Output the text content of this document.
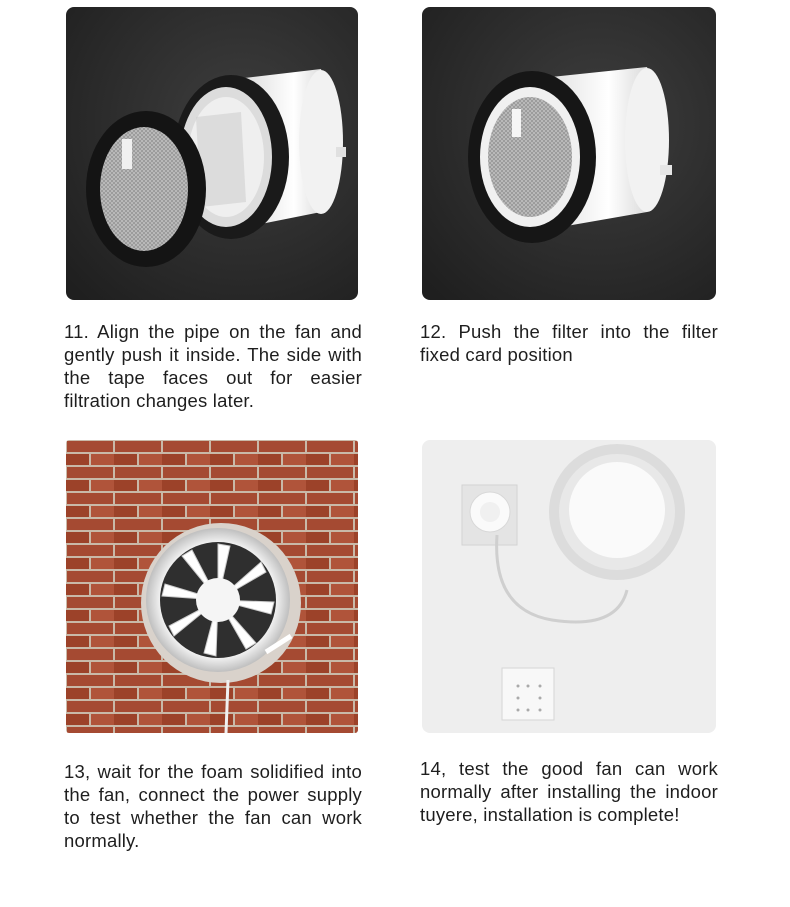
11. Align the pipe on the fan and gently push it inside. The side with the tape faces out for easier filtration changes later.
12. Push the filter into the filter fixed card position
13, wait for the foam solidified into the fan, connect the power supply to test whether the fan can work normally.
14, test the good fan can work normally after installing the indoor tuyere, installation is complete!
